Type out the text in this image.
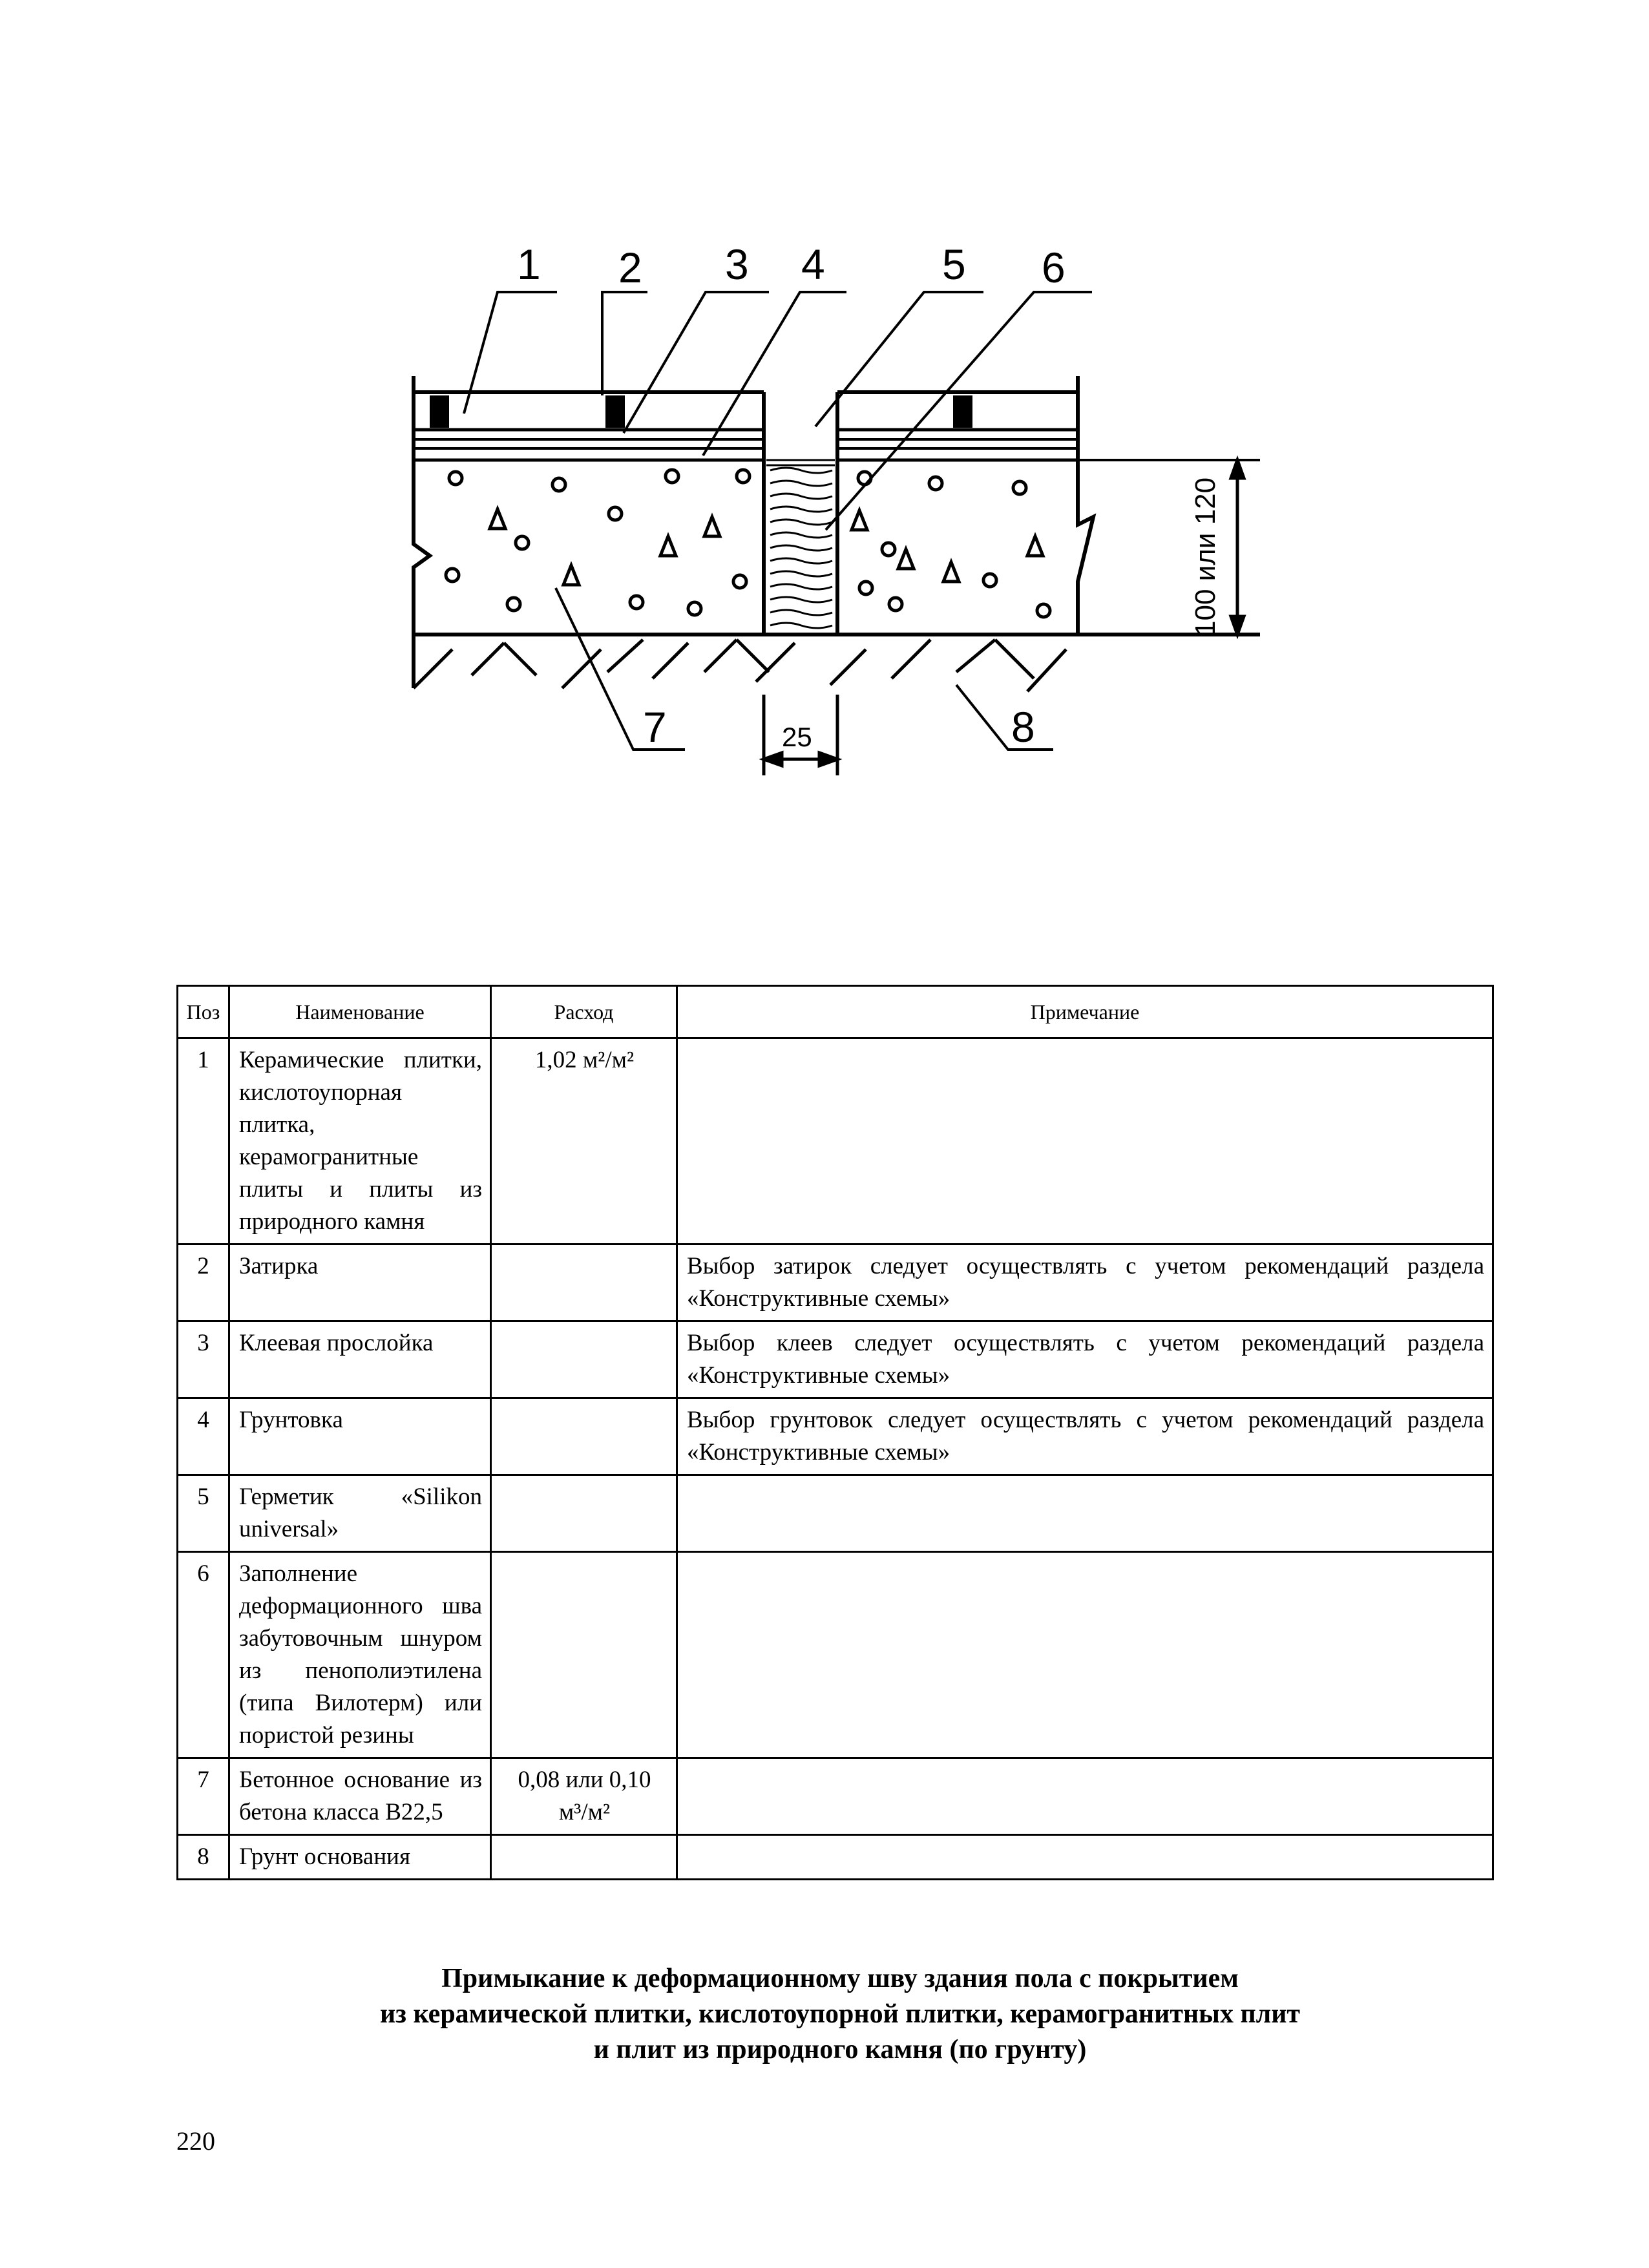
25
100 или 120
1 2 3 4	5 6
7	8
Поз	Наименование	Расход	Примечание
1	Керамические плитки, кислотоупорная плитка, керамогранитные плиты и плиты из природного камня	1,02 м²/м²	
2	Затирка		Выбор затирок следует осуществлять с учетом рекомендаций раздела «Конструктивные схемы»
3	Клеевая прослойка		Выбор клеев следует осуществлять с учетом рекомендаций раздела «Конструктивные схемы»
4	Грунтовка		Выбор грунтовок следует осуществлять с учетом рекомендаций раздела «Конструктивные схемы»
5	Герметик «Silikon universal»		
6	Заполнение деформационного шва забутовочным шнуром из пенополиэтилена (типа Вилотерм) или пористой резины		
7	Бетонное основание из бетона класса В22,5	0,08 или 0,10 м³/м²	
8	Грунт основания		
Примыкание к деформационному шву здания пола с покрытием
из керамической плитки, кислотоупорной плитки, керамогранитных плит
и плит из природного камня (по грунту)
220
